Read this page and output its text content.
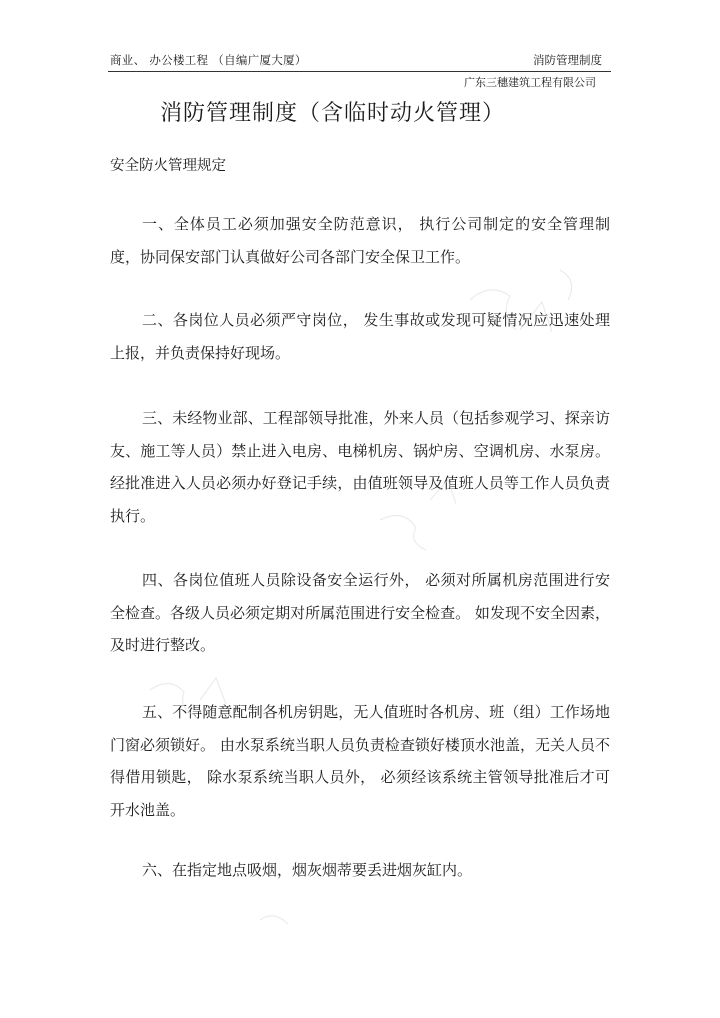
商业、 办公楼工程 （自编广厦大厦）	消防管理制度
广东三穗建筑工程有限公司
消防管理制度（含临时动火管理）
安全防火管理规定
一、全体员工必须加强安全防范意识， 执行公司制定的安全管理制度，协同保安部门认真做好公司各部门安全保卫工作。
二、各岗位人员必须严守岗位， 发生事故或发现可疑情况应迅速处理上报，并负责保持好现场。
三、未经物业部、工程部领导批准，外来人员（包括参观学习、探亲访友、施工等人员）禁止进入电房、电梯机房、锅炉房、空调机房、水泵房。经批准进入人员必须办好登记手续，由值班领导及值班人员等工作人员负责执行。
四、各岗位值班人员除设备安全运行外， 必须对所属机房范围进行安全检查。各级人员必须定期对所属范围进行安全检查。 如发现不安全因素，及时进行整改。
五、不得随意配制各机房钥匙，无人值班时各机房、班（组）工作场地门窗必须锁好。 由水泵系统当职人员负责检查锁好楼顶水池盖，无关人员不得借用锁匙， 除水泵系统当职人员外， 必须经该系统主管领导批准后才可开水池盖。
六、在指定地点吸烟，烟灰烟蒂要丢进烟灰缸内。
